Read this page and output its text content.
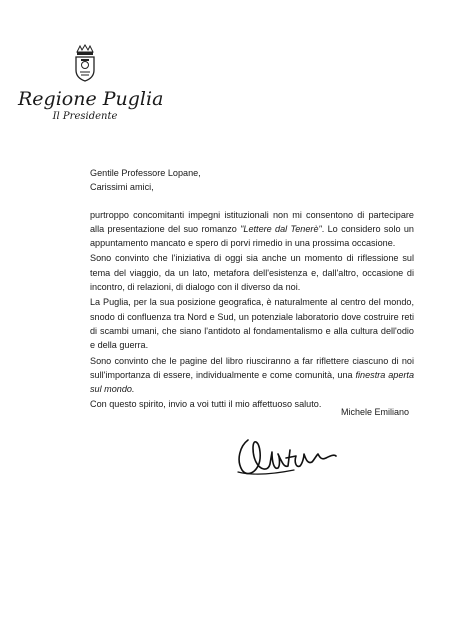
Regione Puglia
Il Presidente

Gentile Professore Lopane,

Carissimi amici,

purtroppo concomitanti impegni istituzionali non mi consentono di partecipare alla presentazione del suo romanzo "Lettere dal Tenerè". Lo considero solo un appuntamento mancato e spero di porvi rimedio in una prossima occasione.

Sono convinto che l'iniziativa di oggi sia anche un momento di riflessione sul tema del viaggio, da un lato, metafora dell'esistenza e, dall'altro, occasione di incontro, di relazioni, di dialogo con il diverso da noi.

La Puglia, per la sua posizione geografica, è naturalmente al centro del mondo, snodo di confluenza tra Nord e Sud, un potenziale laboratorio dove costruire reti di scambi umani, che siano l'antidoto al fondamentalismo e alla cultura dell'odio e della guerra.

Sono convinto che le pagine del libro riusciranno a far riflettere ciascuno di noi sull'importanza di essere, individualmente e come comunità, una finestra aperta sul mondo.

Con questo spirito, invio a voi tutti il mio affettuoso saluto.

Michele Emiliano
